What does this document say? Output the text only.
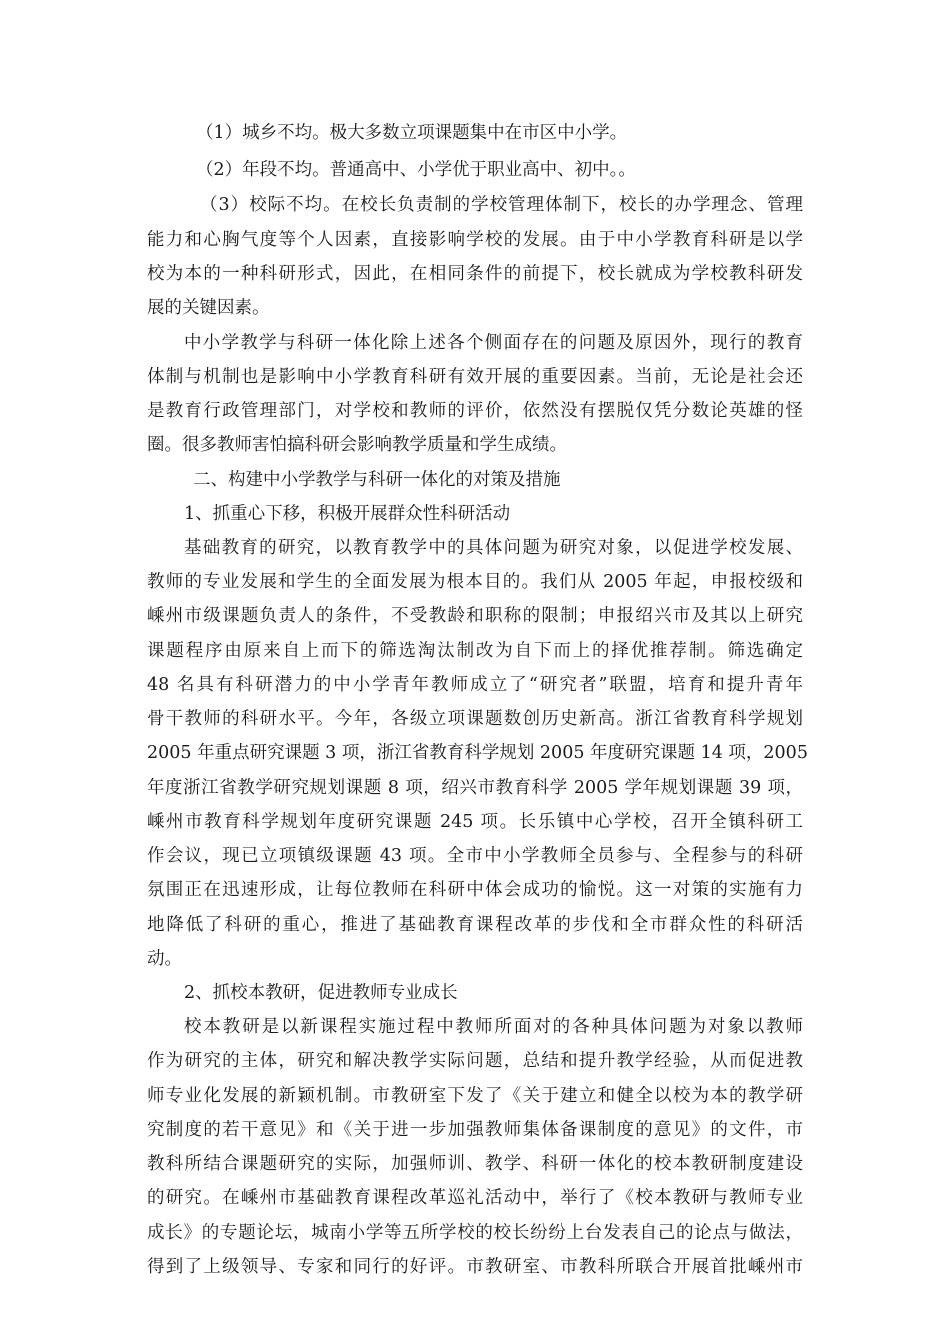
（1）城乡不均。极大多数立项课题集中在市区中小学。
（2）年段不均。普通高中、小学优于职业高中、初中。。
（3）校际不均。在校长负责制的学校管理体制下，校长的办学理念、管理
能力和心胸气度等个人因素，直接影响学校的发展。由于中小学教育科研是以学
校为本的一种科研形式，因此，在相同条件的前提下，校长就成为学校教科研发
展的关键因素。
中小学教学与科研一体化除上述各个侧面存在的问题及原因外，现行的教育
体制与机制也是影响中小学教育科研有效开展的重要因素。当前，无论是社会还
是教育行政管理部门，对学校和教师的评价，依然没有摆脱仅凭分数论英雄的怪
圈。很多教师害怕搞科研会影响教学质量和学生成绩。
二、构建中小学教学与科研一体化的对策及措施
1、抓重心下移，积极开展群众性科研活动
基础教育的研究，以教育教学中的具体问题为研究对象，以促进学校发展、
教师的专业发展和学生的全面发展为根本目的。我们从 2005 年起，申报校级和
嵊州市级课题负责人的条件，不受教龄和职称的限制；申报绍兴市及其以上研究
课题程序由原来自上而下的筛选淘汰制改为自下而上的择优推荐制。筛选确定
48 名具有科研潜力的中小学青年教师成立了“研究者”联盟，培育和提升青年
骨干教师的科研水平。今年，各级立项课题数创历史新高。浙江省教育科学规划
2005 年重点研究课题 3 项，浙江省教育科学规划 2005 年度研究课题 14 项，2005
年度浙江省教学研究规划课题 8 项，绍兴市教育科学 2005 学年规划课题 39 项，
嵊州市教育科学规划年度研究课题 245 项。长乐镇中心学校，召开全镇科研工
作会议，现已立项镇级课题 43 项。全市中小学教师全员参与、全程参与的科研
氛围正在迅速形成，让每位教师在科研中体会成功的愉悦。这一对策的实施有力
地降低了科研的重心，推进了基础教育课程改革的步伐和全市群众性的科研活
动。
2、抓校本教研，促进教师专业成长
校本教研是以新课程实施过程中教师所面对的各种具体问题为对象以教师
作为研究的主体，研究和解决教学实际问题，总结和提升教学经验，从而促进教
师专业化发展的新颖机制。市教研室下发了《关于建立和健全以校为本的教学研
究制度的若干意见》和《关于进一步加强教师集体备课制度的意见》的文件，市
教科所结合课题研究的实际，加强师训、教学、科研一体化的校本教研制度建设
的研究。在嵊州市基础教育课程改革巡礼活动中，举行了《校本教研与教师专业
成长》的专题论坛，城南小学等五所学校的校长纷纷上台发表自己的论点与做法，
得到了上级领导、专家和同行的好评。市教研室、市教科所联合开展首批嵊州市
